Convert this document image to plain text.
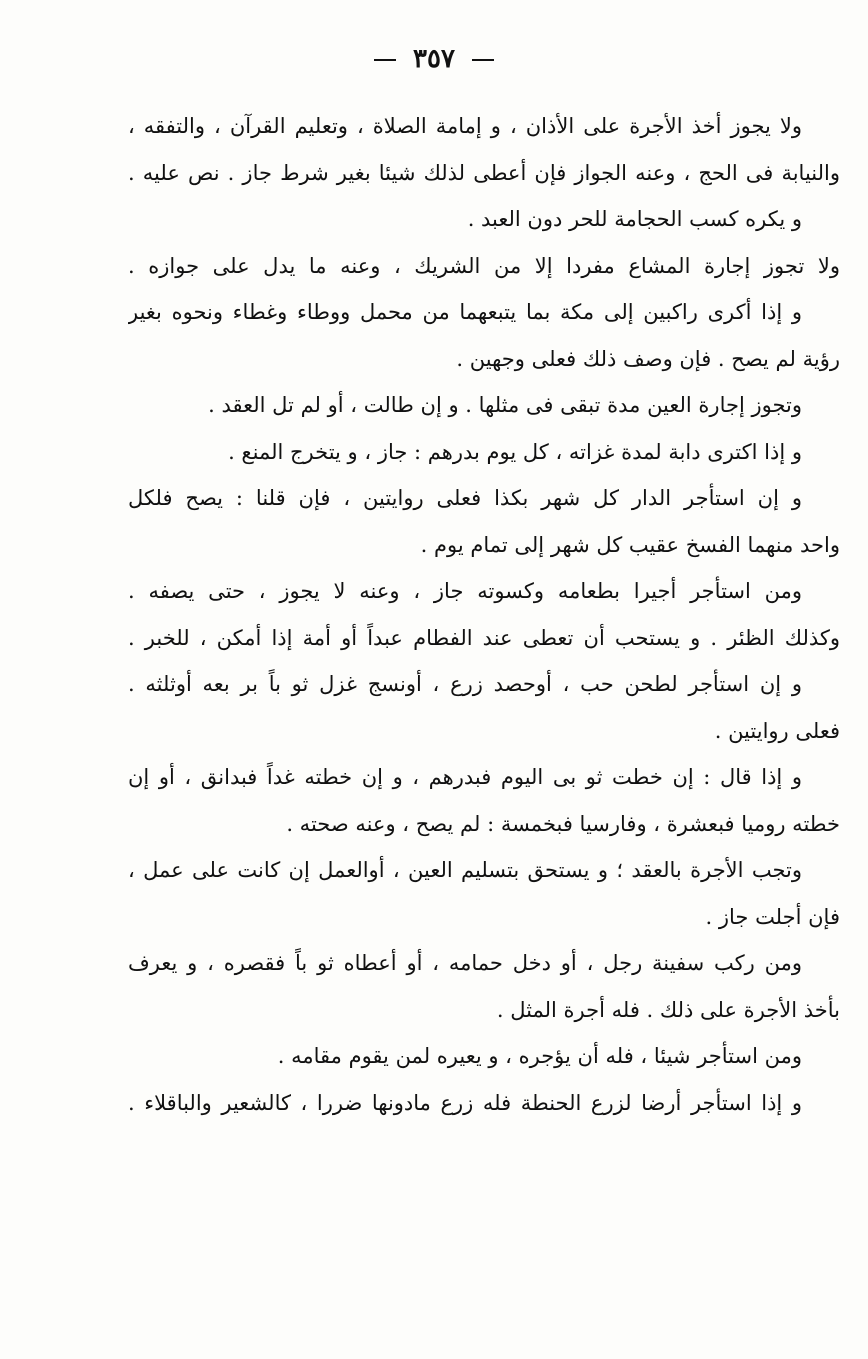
٣٥٧
ولا يجوز أخذ الأجرة على الأذان ، و إمامة الصلاة ، وتعليم القرآن ، والتفقه ،
والنيابة فى الحج ، وعنه الجواز فإن أعطى لذلك شيئا بغير شرط جاز . نص عليه .
و يكره كسب الحجامة للحر دون العبد .
ولا تجوز إجارة المشاع مفردا إلا من الشريك ، وعنه ما يدل على جوازه .
و إذا أكرى راكبين إلى مكة بما يتبعهما من محمل ووطاء وغطاء ونحوه بغير
رؤية لم يصح . فإن وصف ذلك فعلى وجهين .
وتجوز إجارة العين مدة تبقى فى مثلها . و إن طالت ، أو لم تل العقد .
و إذا اكترى دابة لمدة غزاته ، كل يوم بدرهم : جاز ، و يتخرج المنع .
و إن استأجر الدار كل شهر بكذا فعلى روايتين ، فإن قلنا : يصح فلكل
واحد منهما الفسخ عقيب كل شهر إلى تمام يوم .
ومن استأجر أجيرا بطعامه وكسوته جاز ، وعنه لا يجوز ، حتى يصفه .
وكذلك الظئر . و يستحب أن تعطى عند الفطام عبداً أو أمة إذا أمكن ، للخبر .
و إن استأجر لطحن حب ، أوحصد زرع ، أونسج غزل ثو باً بر بعه أوثلثه .
فعلى روايتين .
و إذا قال : إن خطت ثو بى اليوم فبدرهم ، و إن خطته غداً فبدانق ، أو إن
خطته روميا فبعشرة ، وفارسيا فبخمسة : لم يصح ، وعنه صحته .
وتجب الأجرة بالعقد ؛ و يستحق بتسليم العين ، أوالعمل إن كانت على عمل ،
فإن أجلت جاز .
ومن ركب سفينة رجل ، أو دخل حمامه ، أو أعطاه ثو باً فقصره ، و يعرف
بأخذ الأجرة على ذلك . فله أجرة المثل .
ومن استأجر شيئا ، فله أن يؤجره ، و يعيره لمن يقوم مقامه .
و إذا استأجر أرضا لزرع الحنطة فله زرع مادونها ضررا ، كالشعير والباقلاء .
